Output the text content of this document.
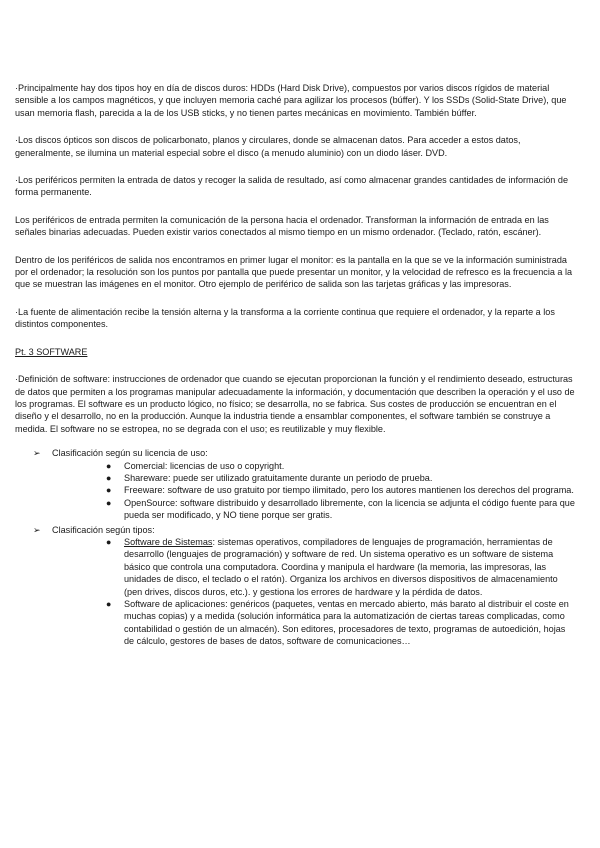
·Principalmente hay dos tipos hoy en día de discos duros: HDDs (Hard Disk Drive), compuestos por varios discos rígidos de material sensible a los campos magnéticos, y que incluyen memoria caché para agilizar los procesos (búffer). Y los SSDs (Solid-State Drive), que usan memoria flash, parecida a la de los USB sticks, y no tienen partes mecánicas en movimiento. También búffer.

·Los discos ópticos son discos de policarbonato, planos y circulares, donde se almacenan datos. Para acceder a estos datos, generalmente, se ilumina un material especial sobre el disco (a menudo aluminio) con un diodo láser. DVD.

·Los periféricos permiten la entrada de datos y recoger la salida de resultado, así como almacenar grandes cantidades de información de forma permanente.

Los periféricos de entrada permiten la comunicación de la persona hacia el ordenador. Transforman la información de entrada en las señales binarias adecuadas. Pueden existir varios conectados al mismo tiempo en un mismo ordenador. (Teclado, ratón, escáner).

Dentro de los periféricos de salida nos encontramos en primer lugar el monitor: es la pantalla en la que se ve la información suministrada por el ordenador; la resolución son los puntos por pantalla que puede presentar un monitor, y la velocidad de refresco es la frecuencia a la que se muestran las imágenes en el monitor. Otro ejemplo de periférico de salida son las tarjetas gráficas y las impresoras.

·La fuente de alimentación recibe la tensión alterna y la transforma a la corriente continua que requiere el ordenador, y la reparte a los distintos componentes.

Pt. 3 SOFTWARE

·Definición de software: instrucciones de ordenador que cuando se ejecutan proporcionan la función y el rendimiento deseado, estructuras de datos que permiten a los programas manipular adecuadamente la información, y documentación que describen la operación y el uso de los programas. El software es un producto lógico, no físico; se desarrolla, no se fabrica. Sus costes de producción se encuentran en el diseño y el desarrollo, no en la producción. Aunque la industria tiende a ensamblar componentes, el software también se construye a medida. El software no se estropea, no se degrada con el uso; es reutilizable y muy flexible.

➢ Clasificación según su licencia de uso:
● Comercial: licencias de uso o copyright.
● Shareware: puede ser utilizado gratuitamente durante un periodo de prueba.
● Freeware: software de uso gratuito por tiempo ilimitado, pero los autores mantienen los derechos del programa.
● OpenSource: software distribuido y desarrollado libremente, con la licencia se adjunta el código fuente para que pueda ser modificado, y NO tiene porque ser gratis.
➢ Clasificación según tipos:
● Software de Sistemas: sistemas operativos, compiladores de lenguajes de programación, herramientas de desarrollo (lenguajes de programación) y software de red. Un sistema operativo es un software de sistema básico que controla una computadora. Coordina y manipula el hardware (la memoria, las impresoras, las unidades de disco, el teclado o el ratón). Organiza los archivos en diversos dispositivos de almacenamiento (pen drives, discos duros, etc.). y gestiona los errores de hardware y la pérdida de datos.
● Software de aplicaciones: genéricos (paquetes, ventas en mercado abierto, más barato al distribuir el coste en muchas copias) y a medida (solución informática para la automatización de ciertas tareas complicadas, como contabilidad o gestión de un almacén). Son editores, procesadores de texto, programas de autoedición, hojas de cálculo, gestores de bases de datos, software de comunicaciones…
